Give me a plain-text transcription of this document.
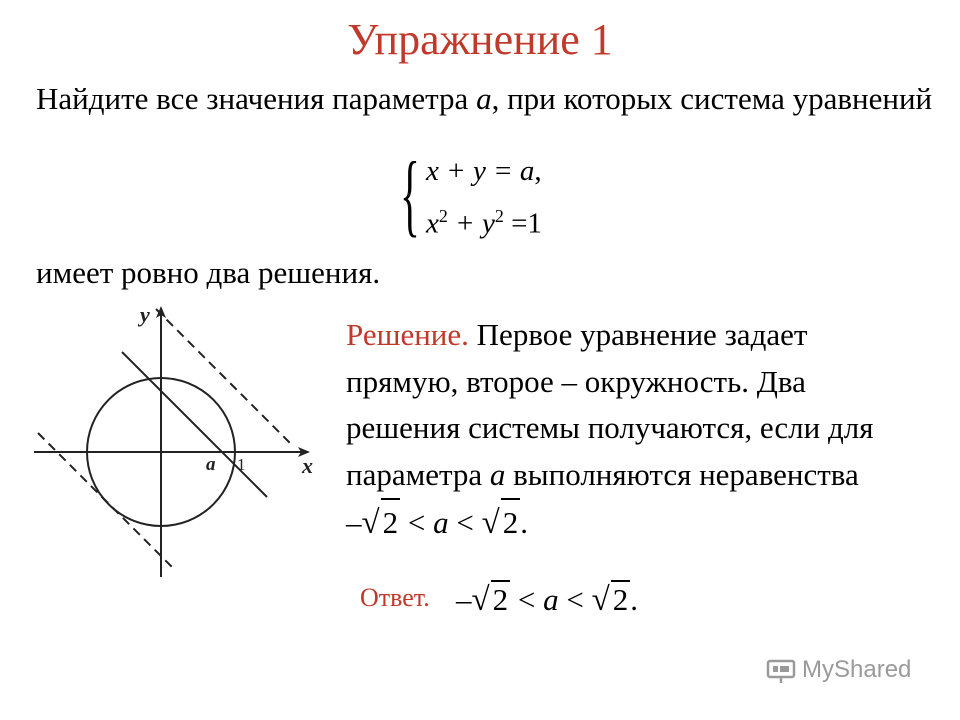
Упражнение 1
Найдите все значения параметра a, при которых система уравнений
{ x + y = a,
$x^2 + y^2 =1$
имеет ровно два решения.
y
x
a 1
Решение. Первое уравнение задает прямую, второе – окружность. Два решения системы получаются, если для параметра a выполняются неравенства –√2 < a < √2.
Ответ. –√2 < a < √2.
MyShared
